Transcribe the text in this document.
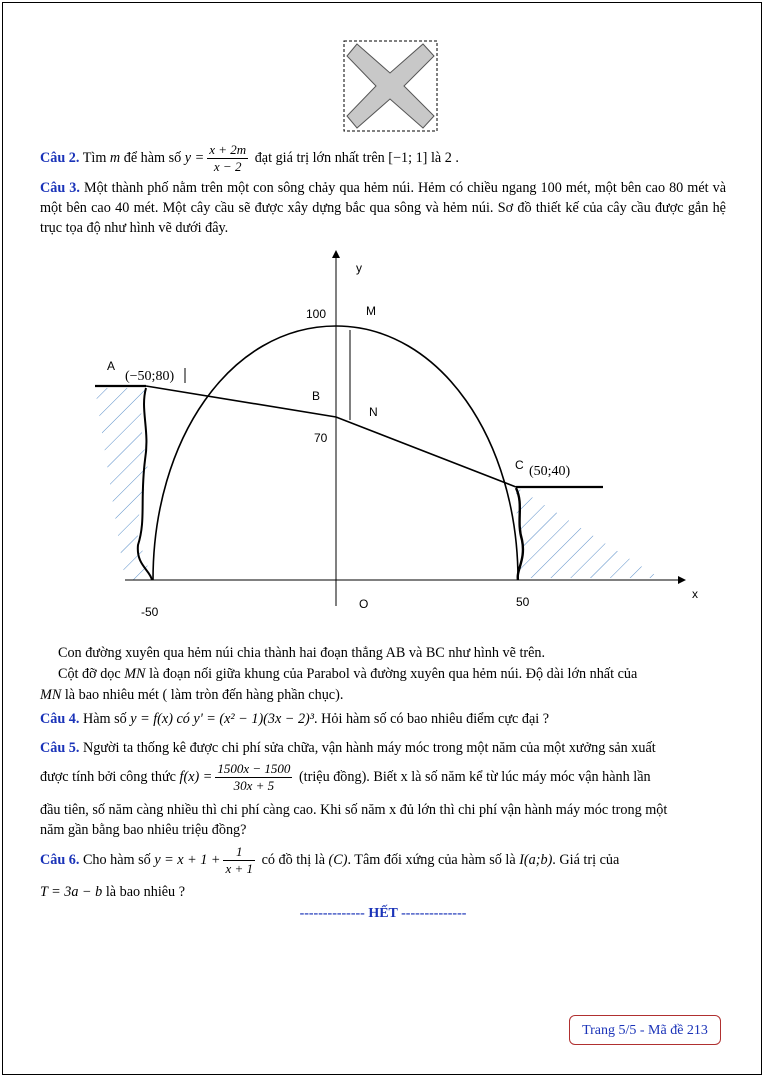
Câu 2. Tìm m để hàm số $y = \frac{x + 2m}{x - 2}$ đạt giá trị lớn nhất trên [−1; 1] là 2 .
Câu 3. Một thành phố nằm trên một con sông chảy qua hẻm núi. Hẻm có chiều ngang 100 mét, một bên cao 80 mét và một bên cao 40 mét. Một cây cầu sẽ được xây dựng bắc qua sông và hẻm núi. Sơ đồ thiết kế của cây cầu được gắn hệ trục tọa độ như hình vẽ dưới đây.
y
100	M
A
(−50;80)
B
N
70
C (50;40)
-50
O	50
x
Con đường xuyên qua hẻm núi chia thành hai đoạn thẳng AB và BC như hình vẽ trên.
Cột đỡ dọc MN là đoạn nối giữa khung của Parabol và đường xuyên qua hẻm núi. Độ dài lớn nhất của
MN là bao nhiêu mét ( làm tròn đến hàng phần chục).
Câu 4. Hàm số y = f(x) có y' = (x² − 1)(3x − 2)³. Hỏi hàm số có bao nhiêu điểm cực đại ?
Câu 5. Người ta thống kê được chi phí sửa chữa, vận hành máy móc trong một năm của một xưởng sản xuất
được tính bởi công thức $f(x) = \frac{1500x - 1500}{30x + 5}$ (triệu đồng). Biết x là số năm kể từ lúc máy móc vận hành lần
đầu tiên, số năm càng nhiều thì chi phí càng cao. Khi số năm x đủ lớn thì chi phí vận hành máy móc trong một
năm gần bằng bao nhiêu triệu đồng?
Câu 6. Cho hàm số $y = x + 1 + \frac{1}{x + 1}$ có đồ thị là (C). Tâm đối xứng của hàm số là I(a;b). Giá trị của
T = 3a − b là bao nhiêu ?
-------------- HẾT --------------
Trang 5/5 - Mã đề 213
